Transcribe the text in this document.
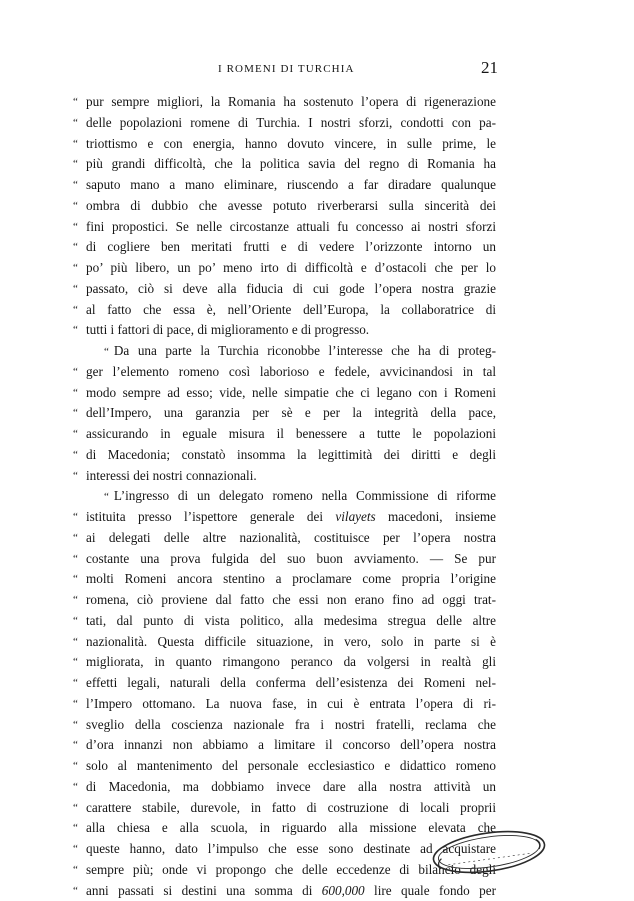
I ROMENI DI TURCHIA	21
“ pur sempre migliori, la Romania ha sostenuto l’opera di rigenerazione
“ delle popolazioni romene di Turchia. I nostri sforzi, condotti con pa-
“ triottismo e con energia, hanno dovuto vincere, in sulle prime, le
“ più grandi difficoltà, che la politica savia del regno di Romania ha
“ saputo mano a mano eliminare, riuscendo a far diradare qualunque
“ ombra di dubbio che avesse potuto riverberarsi sulla sincerità dei
“ fini propostici. Se nelle circostanze attuali fu concesso ai nostri sforzi
“ di cogliere ben meritati frutti e di vedere l’orizzonte intorno un
“ po’ più libero, un po’ meno irto di difficoltà e d’ostacoli che per lo
“ passato, ciò si deve alla fiducia di cui gode l’opera nostra grazie
“ al fatto che essa è, nell’Oriente dell’Europa, la collaboratrice di
“ tutti i fattori di pace, di miglioramento e di progresso.
“ Da una parte la Turchia riconobbe l’interesse che ha di proteg-
“ ger l’elemento romeno così laborioso e fedele, avvicinandosi in tal
“ modo sempre ad esso; vide, nelle simpatie che ci legano con i Romeni
“ dell’Impero, una garanzia per sè e per la integrità della pace,
“ assicurando in eguale misura il benessere a tutte le popolazioni
“ di Macedonia; constatò insomma la legittimità dei diritti e degli
“ interessi dei nostri connazionali.
“ L’ingresso di un delegato romeno nella Commissione di riforme
“ istituita presso l’ispettore generale dei vilayets macedoni, insieme
“ ai delegati delle altre nazionalità, costituisce per l’opera nostra
“ costante una prova fulgida del suo buon avviamento. — Se pur
“ molti Romeni ancora stentino a proclamare come propria l’origine
“ romena, ciò proviene dal fatto che essi non erano fino ad oggi trat-
“ tati, dal punto di vista politico, alla medesima stregua delle altre
“ nazionalità. Questa difficile situazione, in vero, solo in parte si è
“ migliorata, in quanto rimangono peranco da volgersi in realtà gli
“ effetti legali, naturali della conferma dell’esistenza dei Romeni nel-
“ l’Impero ottomano. La nuova fase, in cui è entrata l’opera di ri-
“ sveglio della coscienza nazionale fra i nostri fratelli, reclama che
“ d’ora innanzi non abbiamo a limitare il concorso dell’opera nostra
“ solo al mantenimento del personale ecclesiastico e didattico romeno
“ di Macedonia, ma dobbiamo invece dare alla nostra attività un
“ carattere stabile, durevole, in fatto di costruzione di locali proprii
“ alla chiesa e alla scuola, in riguardo alla missione elevata che
“ queste hanno, dato l’impulso che esse sono destinate ad acquistare
“ sempre più; onde vi propongo che delle eccedenze di bilancio degli
“ anni passati si destini una somma di 600,000 lire quale fondo per
